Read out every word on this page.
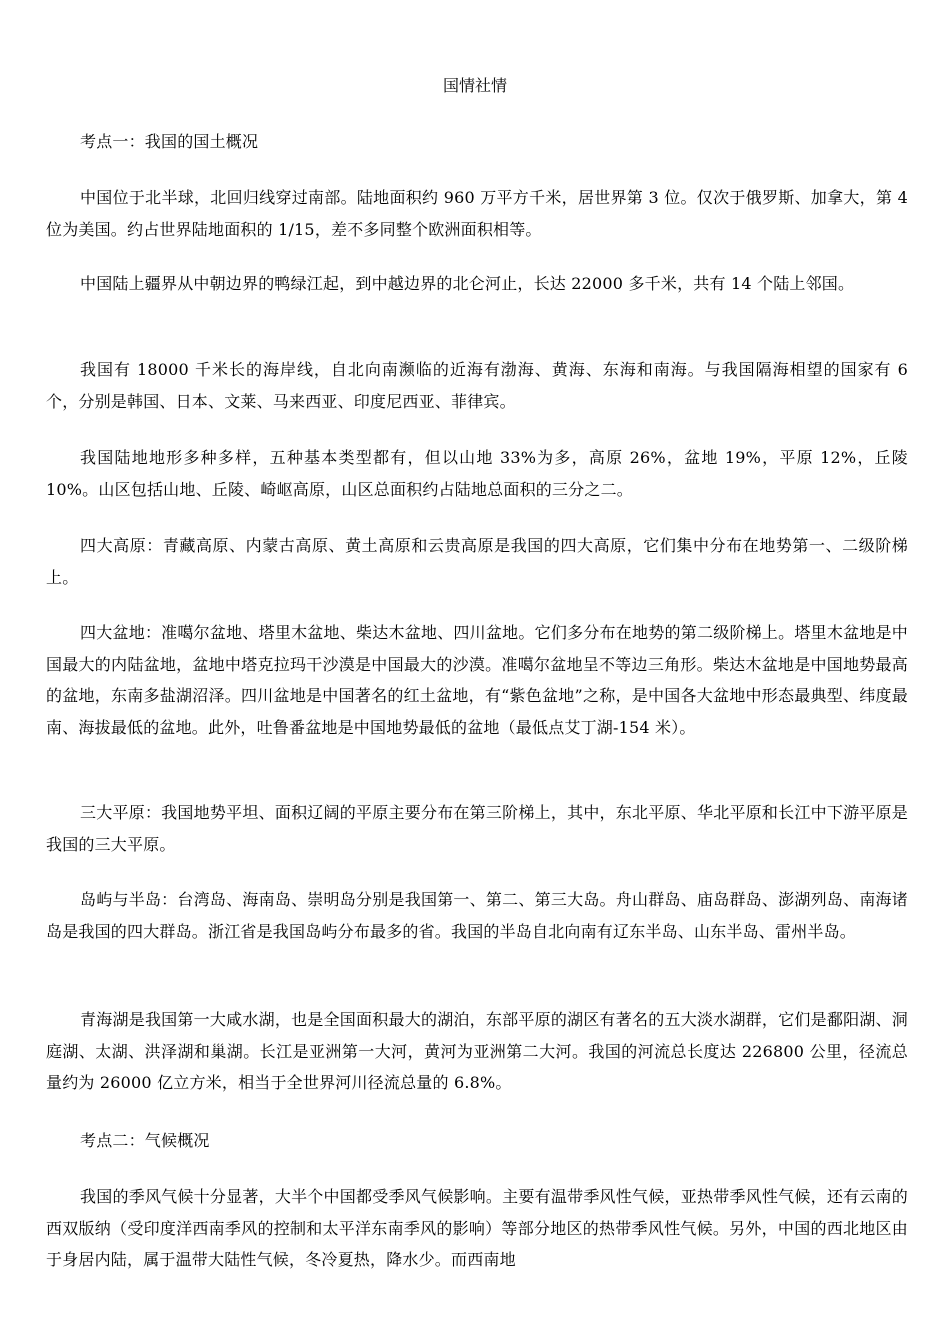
国情社情

考点一：我国的国土概况

中国位于北半球，北回归线穿过南部。陆地面积约 960 万平方千米，居世界第 3 位。仅次于俄罗斯、加拿大，第 4 位为美国。约占世界陆地面积的 1/15，差不多同整个欧洲面积相等。

中国陆上疆界从中朝边界的鸭绿江起，到中越边界的北仑河止，长达 22000 多千米，共有 14 个陆上邻国。

我国有 18000 千米长的海岸线，自北向南濒临的近海有渤海、黄海、东海和南海。与我国隔海相望的国家有 6 个，分别是韩国、日本、文莱、马来西亚、印度尼西亚、菲律宾。

我国陆地地形多种多样，五种基本类型都有，但以山地 33%为多，高原 26%，盆地 19%，平原 12%，丘陵 10%。山区包括山地、丘陵、崎岖高原，山区总面积约占陆地总面积的三分之二。

四大高原：青藏高原、内蒙古高原、黄土高原和云贵高原是我国的四大高原，它们集中分布在地势第一、二级阶梯上。

四大盆地：准噶尔盆地、塔里木盆地、柴达木盆地、四川盆地。它们多分布在地势的第二级阶梯上。塔里木盆地是中国最大的内陆盆地，盆地中塔克拉玛干沙漠是中国最大的沙漠。准噶尔盆地呈不等边三角形。柴达木盆地是中国地势最高的盆地，东南多盐湖沼泽。四川盆地是中国著名的红土盆地，有“紫色盆地”之称，是中国各大盆地中形态最典型、纬度最南、海拔最低的盆地。此外，吐鲁番盆地是中国地势最低的盆地（最低点艾丁湖-154 米）。

三大平原：我国地势平坦、面积辽阔的平原主要分布在第三阶梯上，其中，东北平原、华北平原和长江中下游平原是我国的三大平原。

岛屿与半岛：台湾岛、海南岛、崇明岛分别是我国第一、第二、第三大岛。舟山群岛、庙岛群岛、澎湖列岛、南海诸岛是我国的四大群岛。浙江省是我国岛屿分布最多的省。我国的半岛自北向南有辽东半岛、山东半岛、雷州半岛。

青海湖是我国第一大咸水湖，也是全国面积最大的湖泊，东部平原的湖区有著名的五大淡水湖群，它们是鄱阳湖、洞庭湖、太湖、洪泽湖和巢湖。长江是亚洲第一大河，黄河为亚洲第二大河。我国的河流总长度达 226800 公里，径流总量约为 26000 亿立方米，相当于全世界河川径流总量的 6.8%。

考点二：气候概况

我国的季风气候十分显著，大半个中国都受季风气候影响。主要有温带季风性气候，亚热带季风性气候，还有云南的西双版纳（受印度洋西南季风的控制和太平洋东南季风的影响）等部分地区的热带季风性气候。另外，中国的西北地区由于身居内陆，属于温带大陆性气候，冬冷夏热，降水少。而西南地
